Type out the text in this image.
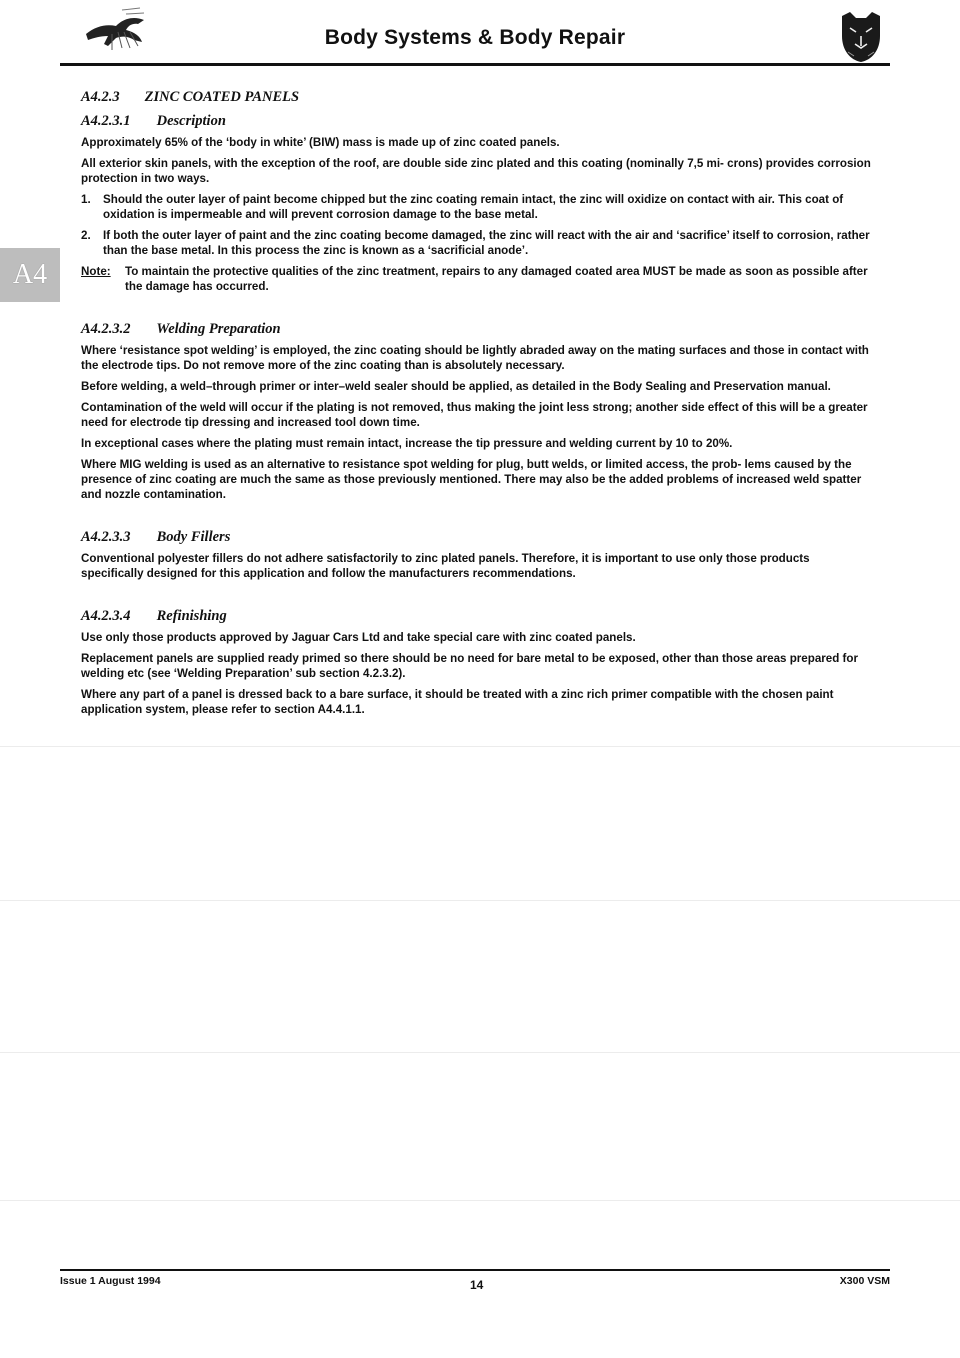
Body Systems & Body Repair
A4
A4.2.3 ZINC COATED PANELS
A4.2.3.1 Description

Approximately 65% of the ‘body in white’ (BIW) mass is made up of zinc coated panels.

All exterior skin panels, with the exception of the roof, are double side zinc plated and this coating (nominally 7,5 mi- crons) provides corrosion protection in two ways.

1.	Should the outer layer of paint become chipped but the zinc coating remain intact, the zinc will oxidize on contact with air. This coat of oxidation is impermeable and will prevent corrosion damage to the base metal.

2.	If both the outer layer of paint and the zinc coating become damaged, the zinc will react with the air and ‘sacrifice’ itself to corrosion, rather than the base metal. In this process the zinc is known as a ‘sacrificial anode’.

Note:	To maintain the protective qualities of the zinc treatment, repairs to any damaged coated area MUST be made as soon as possible after the damage has occurred.

A4.2.3.2 Welding Preparation

Where ‘resistance spot welding’ is employed, the zinc coating should be lightly abraded away on the mating surfaces and those in contact with the electrode tips. Do not remove more of the zinc coating than is absolutely necessary.

Before welding, a weld–through primer or inter–weld sealer should be applied, as detailed in the Body Sealing and Preservation manual.

Contamination of the weld will occur if the plating is not removed, thus making the joint less strong; another side effect of this will be a greater need for electrode tip dressing and increased tool down time.

In exceptional cases where the plating must remain intact, increase the tip pressure and welding current by 10 to 20%.

Where MIG welding is used as an alternative to resistance spot welding for plug, butt welds, or limited access, the prob- lems caused by the presence of zinc coating are much the same as those previously mentioned. There may also be the added problems of increased weld spatter and nozzle contamination.

A4.2.3.3 Body Fillers

Conventional polyester fillers do not adhere satisfactorily to zinc plated panels. Therefore, it is important to use only those products specifically designed for this application and follow the manufacturers recommendations.

A4.2.3.4 Refinishing

Use only those products approved by Jaguar Cars Ltd and take special care with zinc coated panels.

Replacement panels are supplied ready primed so there should be no need for bare metal to be exposed, other than those areas prepared for welding etc (see ‘Welding Preparation’ sub section 4.2.3.2).

Where any part of a panel is dressed back to a bare surface, it should be treated with a zinc rich primer compatible with the chosen paint application system, please refer to section A4.4.1.1.

Issue 1 August 1994	14	X300 VSM
